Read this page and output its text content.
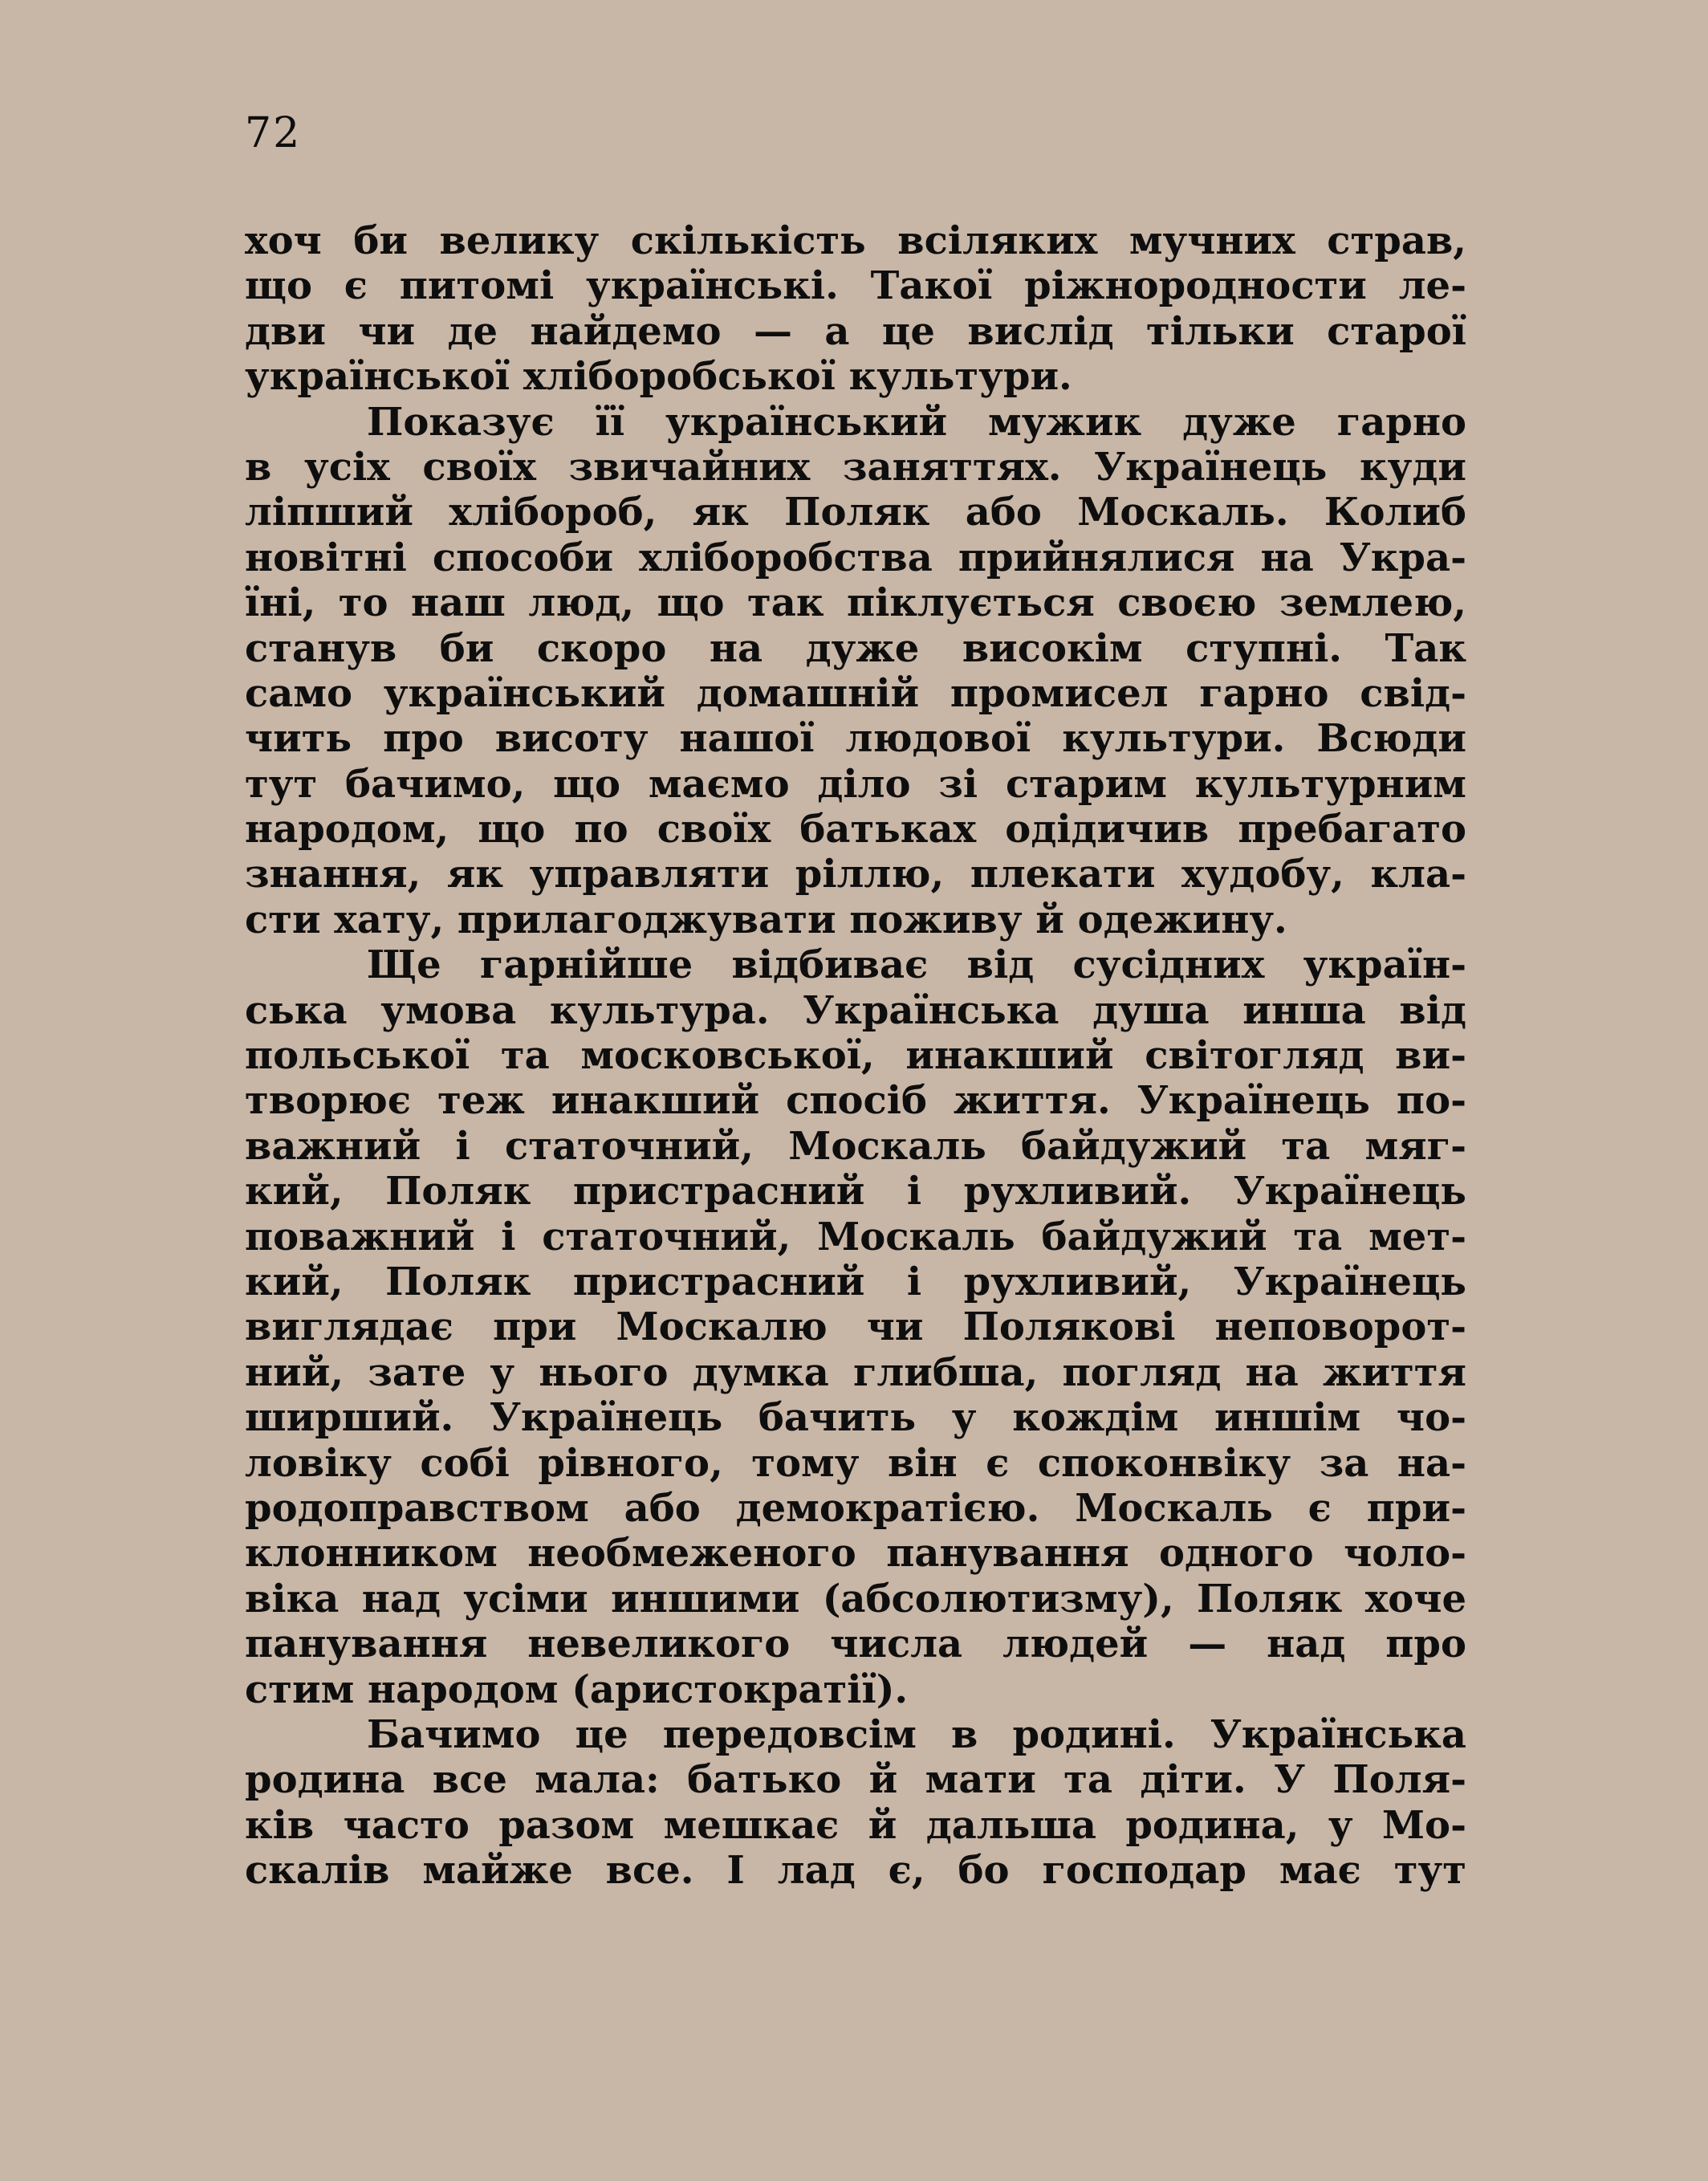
72
хоч би велику скількість всіляких мучних страв,
що є питомі українські. Такої ріжнородности ле-
дви чи де найдемо — а це вислід тільки старої
української хліборобської культури.
Показує її український мужик дуже гарно
в усіх своїх звичайних заняттях. Українець куди
ліпший хлібороб, як Поляк або Москаль. Колиб
новітні способи хліборобства прийнялися на Укра-
їні, то наш люд, що так піклується своєю землею,
станув би скоро на дуже високім ступні. Так
само український домашній промисел гарно свід-
чить про висоту нашої людової культури. Всюди
тут бачимо, що маємо діло зі старим культурним
народом, що по своїх батьках одідичив пребагато
знання, як управляти ріллю, плекати худобу, кла-
сти хату, прилагоджувати поживу й одежину.
Ще гарнійше відбиває від сусідних україн-
ська умова культура. Українська душа инша від
польської та московської, инакший світогляд ви-
творює теж инакший спосіб життя. Українець по-
важний і статочний, Москаль байдужий та мяг-
кий, Поляк пристрасний і рухливий. Українець
поважний і статочний, Москаль байдужий та мет-
кий, Поляк пристрасний і рухливий, Українець
виглядає при Москалю чи Полякові неповорот-
ний, зате у нього думка глибша, погляд на життя
ширший. Українець бачить у кождім иншім чо-
ловіку собі рівного, тому він є споконвіку за на-
родоправством або демократією. Москаль є при-
клонником необмеженого панування одного чоло-
віка над усіми иншими (абсолютизму), Поляк хоче
панування невеликого числа людей — над про
стим народом (аристократії).
Бачимо це передовсім в родині. Українська
родина все мала: батько й мати та діти. У Поля-
ків часто разом мешкає й дальша родина, у Мо-
скалів майже все. І лад є, бо господар має тут
